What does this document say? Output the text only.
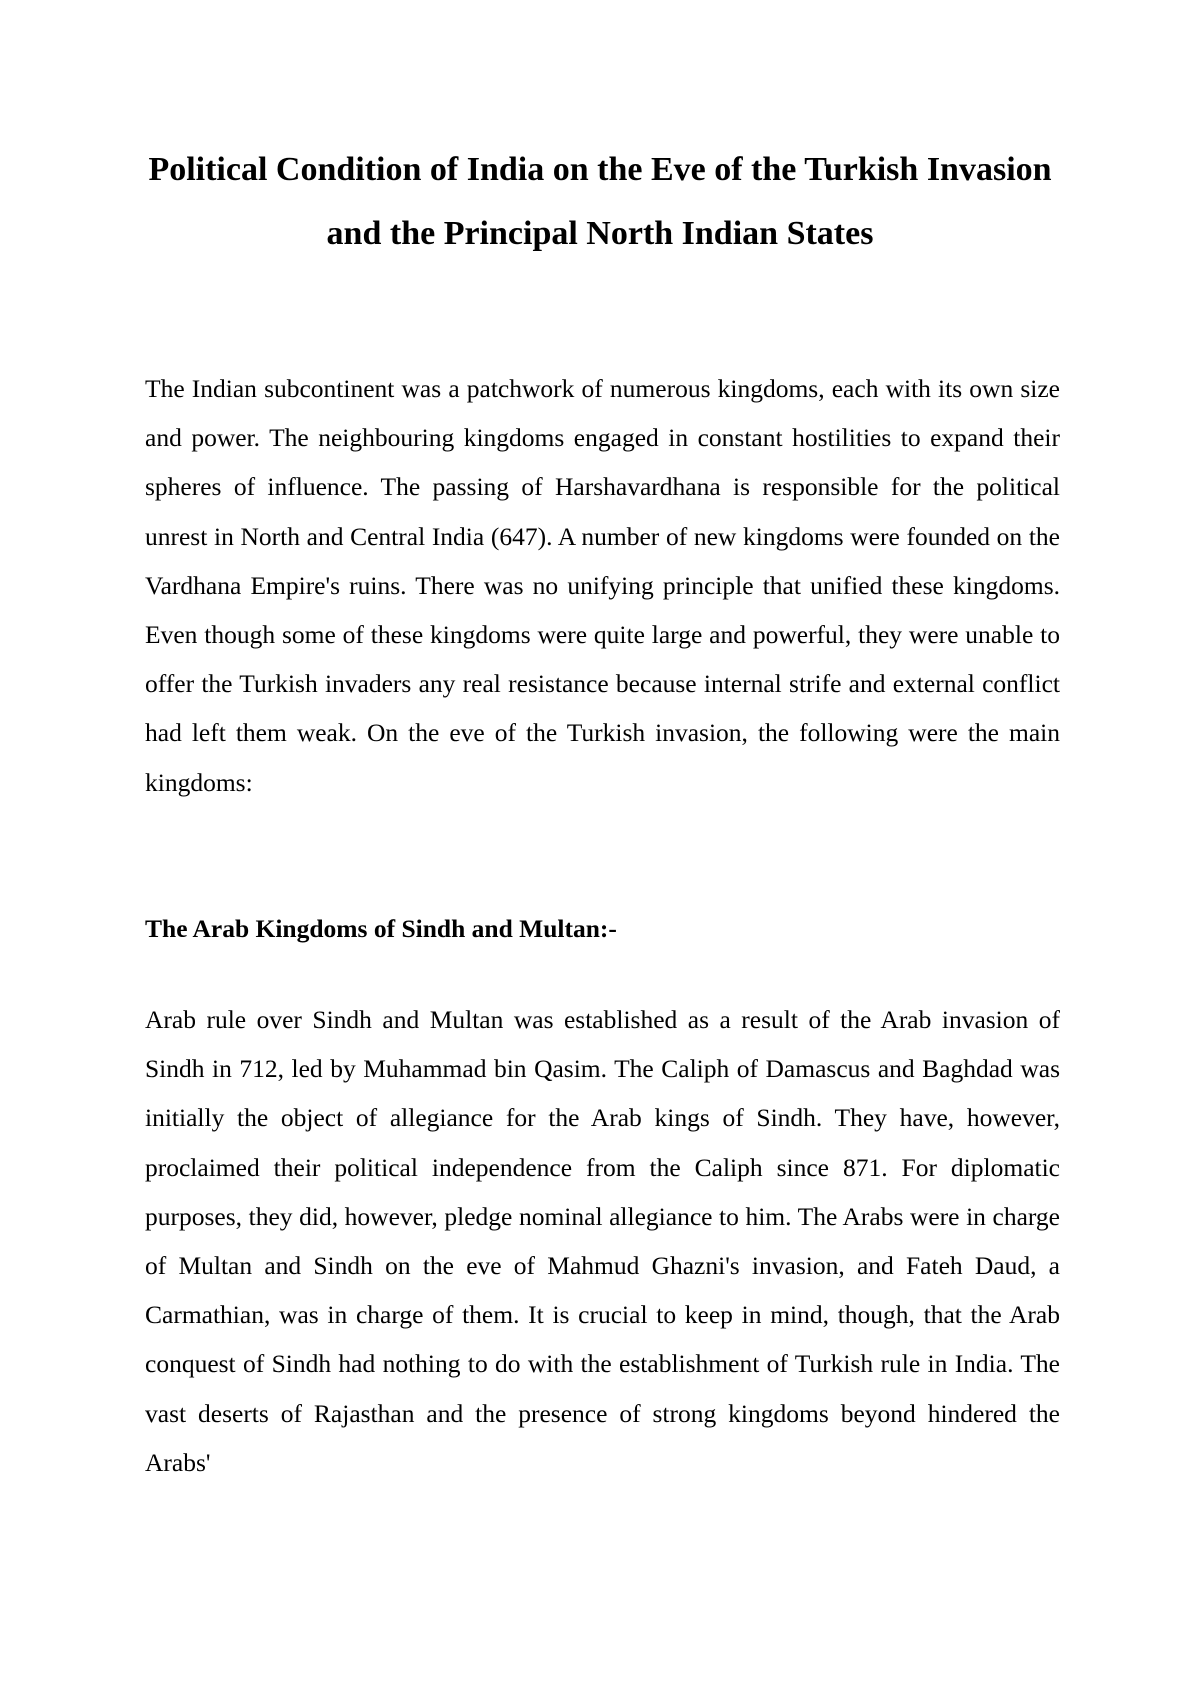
Political Condition of India on the Eve of the Turkish Invasion and the Principal North Indian States

The Indian subcontinent was a patchwork of numerous kingdoms, each with its own size and power. The neighbouring kingdoms engaged in constant hostilities to expand their spheres of influence. The passing of Harshavardhana is responsible for the political unrest in North and Central India (647). A number of new kingdoms were founded on the Vardhana Empire's ruins. There was no unifying principle that unified these kingdoms. Even though some of these kingdoms were quite large and powerful, they were unable to offer the Turkish invaders any real resistance because internal strife and external conflict had left them weak. On the eve of the Turkish invasion, the following were the main kingdoms:

The Arab Kingdoms of Sindh and Multan:-

Arab rule over Sindh and Multan was established as a result of the Arab invasion of Sindh in 712, led by Muhammad bin Qasim. The Caliph of Damascus and Baghdad was initially the object of allegiance for the Arab kings of Sindh. They have, however, proclaimed their political independence from the Caliph since 871. For diplomatic purposes, they did, however, pledge nominal allegiance to him. The Arabs were in charge of Multan and Sindh on the eve of Mahmud Ghazni's invasion, and Fateh Daud, a Carmathian, was in charge of them. It is crucial to keep in mind, though, that the Arab conquest of Sindh had nothing to do with the establishment of Turkish rule in India. The vast deserts of Rajasthan and the presence of strong kingdoms beyond hindered the Arabs'
